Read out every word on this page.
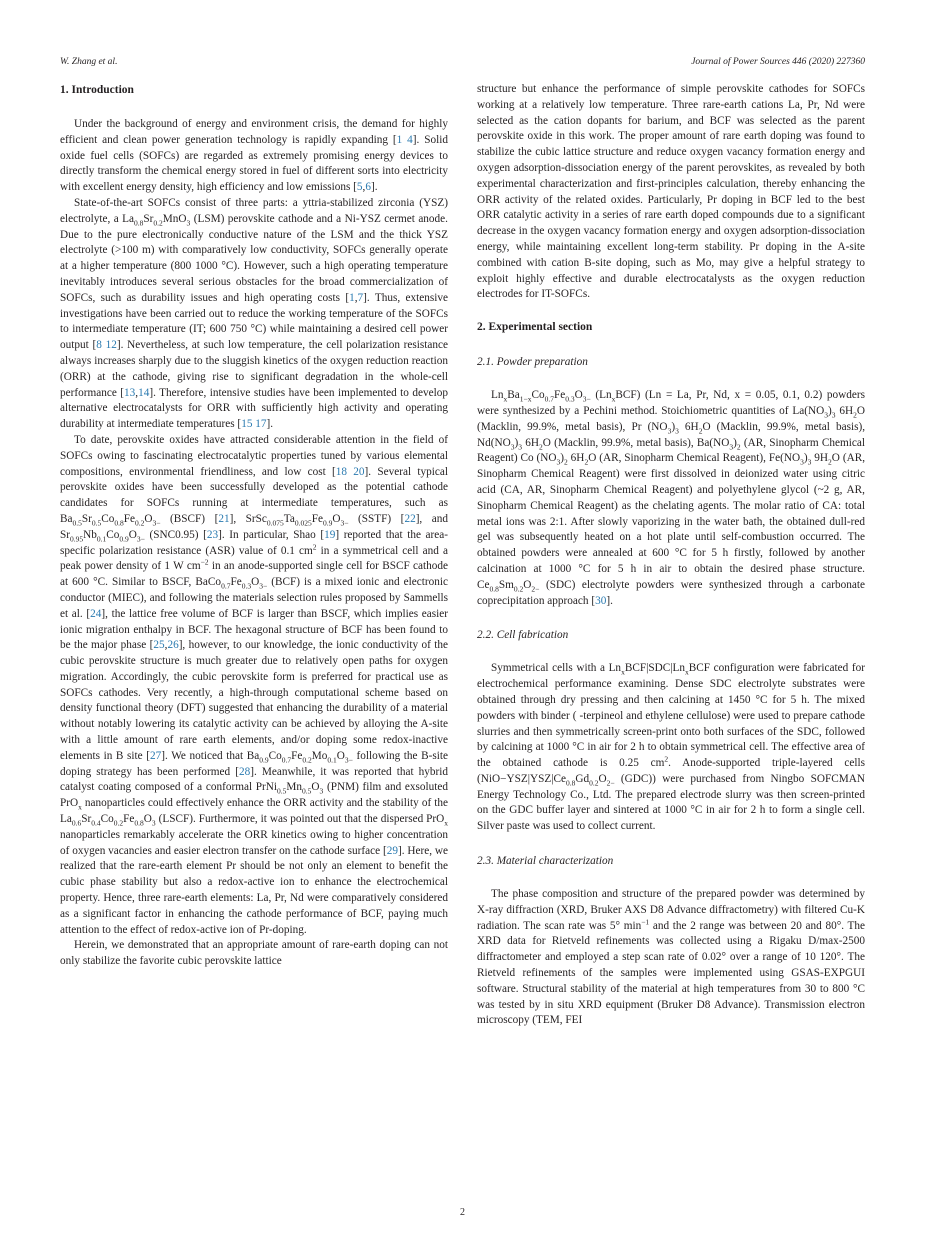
W. Zhang et al.	Journal of Power Sources 446 (2020) 227360
1. Introduction

Under the background of energy and environment crisis, the demand for highly efficient and clean power generation technology is rapidly expanding [1 4]. Solid oxide fuel cells (SOFCs) are regarded as extremely promising energy devices to directly transform the chemical energy stored in fuel of different sorts into electricity with excellent energy density, high efficiency and low emissions [5,6].

State-of-the-art SOFCs consist of three parts: a yttria-stabilized zirconia (YSZ) electrolyte, a $La_{0.8}Sr_{0.2}MnO_3$ (LSM) perovskite cathode and a Ni-YSZ cermet anode. Due to the pure electronically conductive nature of the LSM and the thick YSZ electrolyte (>100 m) with comparatively low conductivity, SOFCs generally operate at a higher temperature (800 1000 °C). However, such a high operating temperature inevitably introduces several serious obstacles for the broad commercialization of SOFCs, such as durability issues and high operating costs [1,7]. Thus, extensive investigations have been carried out to reduce the working temperature of the SOFCs to intermediate temperature (IT; 600 750 °C) while maintaining a desired cell power output [8 12]. Nevertheless, at such low temperature, the cell polarization resistance always increases sharply due to the sluggish kinetics of the oxygen reduction reaction (ORR) at the cathode, giving rise to significant degradation in the whole-cell performance [13,14]. Therefore, intensive studies have been implemented to develop alternative electrocatalysts for ORR with sufficiently high activity and operating durability at intermediate temperatures [15 17].

To date, perovskite oxides have attracted considerable attention in the field of SOFCs owing to fascinating electrocatalytic properties tuned by various elemental compositions, environmental friendliness, and low cost [18 20]. Several typical perovskite oxides have been successfully developed as the potential cathode candidates for SOFCs running at intermediate temperatures, such as $Ba_{0.5}Sr_{0.5}Co_{0.8}Fe_{0.2}O_{3-}$ (BSCF) [21], $SrSc_{0.075}Ta_{0.025}Fe_{0.9}O_{3-}$ (SSTF) [22], and $Sr_{0.95}Nb_{0.1}Co_{0.9}O_{3-}$ (SNC0.95) [23]. In particular, Shao [19] reported that the area-specific polarization resistance (ASR) value of 0.1 $cm^2$ in a symmetrical cell and a peak power density of 1 W $cm^{-2}$ in an anode-supported single cell for BSCF cathode at 600 °C. Similar to BSCF, $BaCo_{0.7}Fe_{0.3}O_{3-}$ (BCF) is a mixed ionic and electronic conductor (MIEC), and following the materials selection rules proposed by Sammells et al. [24], the lattice free volume of BCF is larger than BSCF, which implies easier ionic migration enthalpy in BCF. The hexagonal structure of BCF has been found to be the major phase [25,26], however, to our knowledge, the ionic conductivity of the cubic perovskite structure is much greater due to relatively open paths for oxygen migration. Accordingly, the cubic perovskite form is preferred for practical use as SOFCs cathodes. Very recently, a high-through computational scheme based on density functional theory (DFT) suggested that enhancing the durability of a material without notably lowering its catalytic activity can be achieved by alloying the A-site with a little amount of rare earth elements, and/or doping some redox-inactive elements in B site [27]. We noticed that $Ba_{0.9}Co_{0.7}Fe_{0.2}Mo_{0.1}O_{3-}$ following the B-site doping strategy has been performed [28]. Meanwhile, it was reported that hybrid catalyst coating composed of a conformal $PrNi_{0.5}Mn_{0.5}O_3$ (PNM) film and exsoluted PrO$_x$ nanoparticles could effectively enhance the ORR activity and the stability of the $La_{0.6}Sr_{0.4}Co_{0.2}Fe_{0.8}O_3$ (LSCF). Furthermore, it was pointed out that the dispersed PrO$_x$ nanoparticles remarkably accelerate the ORR kinetics owing to higher concentration of oxygen vacancies and easier electron transfer on the cathode surface [29]. Here, we realized that the rare-earth element Pr should be not only an element to benefit the cubic phase stability but also a redox-active ion to enhance the electrochemical property. Hence, three rare-earth elements: La, Pr, Nd were comparatively considered as a significant factor in enhancing the cathode performance of BCF, paying much attention to the effect of redox-active ion of Pr-doping.

Herein, we demonstrated that an appropriate amount of rare-earth doping can not only stabilize the favorite cubic perovskite lattice

structure but enhance the performance of simple perovskite cathodes for SOFCs working at a relatively low temperature. Three rare-earth cations La, Pr, Nd were selected as the cation dopants for barium, and BCF was selected as the parent perovskite oxide in this work. The proper amount of rare earth doping was found to stabilize the cubic lattice structure and reduce oxygen vacancy formation energy and oxygen adsorption-dissociation energy of the parent perovskites, as revealed by both experimental characterization and first-principles calculation, thereby enhancing the ORR activity of the related oxides. Particularly, Pr doping in BCF led to the best ORR catalytic activity in a series of rare earth doped compounds due to a significant decrease in the oxygen vacancy formation energy and oxygen adsorption-dissociation energy, while maintaining excellent long-term stability. Pr doping in the A-site combined with cation B-site doping, such as Mo, may give a helpful strategy to exploit highly effective and durable electrocatalysts as the oxygen reduction electrodes for IT-SOFCs.

2. Experimental section
2.1. Powder preparation

$Ln_xBa_{1-x}Co_{0.7}Fe_{0.3}O_{3-}$ $(Ln_xBCF) (Ln = La$, Pr, Nd, x = 0.05, 0.1, 0.2) powders were synthesized by a Pechini method. Stoichiometric quantities of $La(NO_3)_3$ $6H_2O$ (Macklin, 99.9%, metal basis), Pr $(NO_3)_3$ $6H_2O$ (Macklin, 99.9%, metal basis), $Nd(NO_3)_3$ $6H_2O$ (Macklin, 99.9%, metal basis), $Ba(NO_3)_2$ (AR, Sinopharm Chemical Reagent) Co $(NO_3)_2$ $6H_2O$ (AR, Sinopharm Chemical Reagent), $Fe(NO_3)_3$ $9H_2O$ (AR, Sinopharm Chemical Reagent) were first dissolved in deionized water using citric acid (CA, AR, Sinopharm Chemical Reagent) and polyethylene glycol (~2 g, AR, Sinopharm Chemical Reagent) as the chelating agents. The molar ratio of CA: total metal ions was 2:1. After slowly vaporizing in the water bath, the obtained dull-red gel was subsequently heated on a hot plate until self-combustion occurred. The obtained powders were annealed at 600 °C for 5 h firstly, followed by another calcination at 1000 °C for 5 h in air to obtain the desired phase structure. $Ce_{0.8}Sm_{0.2}O_{2-}$ (SDC) electrolyte powders were synthesized through a carbonate coprecipitation approach [30].

2.2. Cell fabrication

Symmetrical cells with a $Ln_xBCF|SDC|Ln_xBCF$ configuration were fabricated for electrochemical performance examining. Dense SDC electrolyte substrates were obtained through dry pressing and then calcining at 1450 °C for 5 h. The mixed powders with binder ( -terpineol and ethylene cellulose) were used to prepare cathode slurries and then symmetrically screen-print onto both surfaces of the SDC, followed by calcining at 1000 °C in air for 2 h to obtain symmetrical cell. The effective area of the obtained cathode is 0.25 $cm^2$. Anode-supported triple-layered cells ($NiO-YSZ|YSZ|Ce_{0.8}Gd_{0.2}O_{2-}$ (GDC)) were purchased from Ningbo SOFCMAN Energy Technology Co., Ltd. The prepared electrode slurry was then screen-printed on the GDC buffer layer and sintered at 1000 °C in air for 2 h to form a single cell. Silver paste was used to collect current.

2.3. Material characterization

The phase composition and structure of the prepared powder was determined by X-ray diffraction (XRD, Bruker AXS D8 Advance diffractometry) with filtered Cu-K radiation. The scan rate was 5° $\min^{-1}$ and the 2 range was between 20 and 80°. The XRD data for Rietveld refinements was collected using a Rigaku D/max-2500 diffractometer and employed a step scan rate of 0.02° over a range of 10 120°. The Rietveld refinements of the samples were implemented using GSAS-EXPGUI software. Structural stability of the material at high temperatures from 30 to 800 °C was tested by in situ XRD equipment (Bruker D8 Advance). Transmission electron microscopy (TEM, FEI

2
